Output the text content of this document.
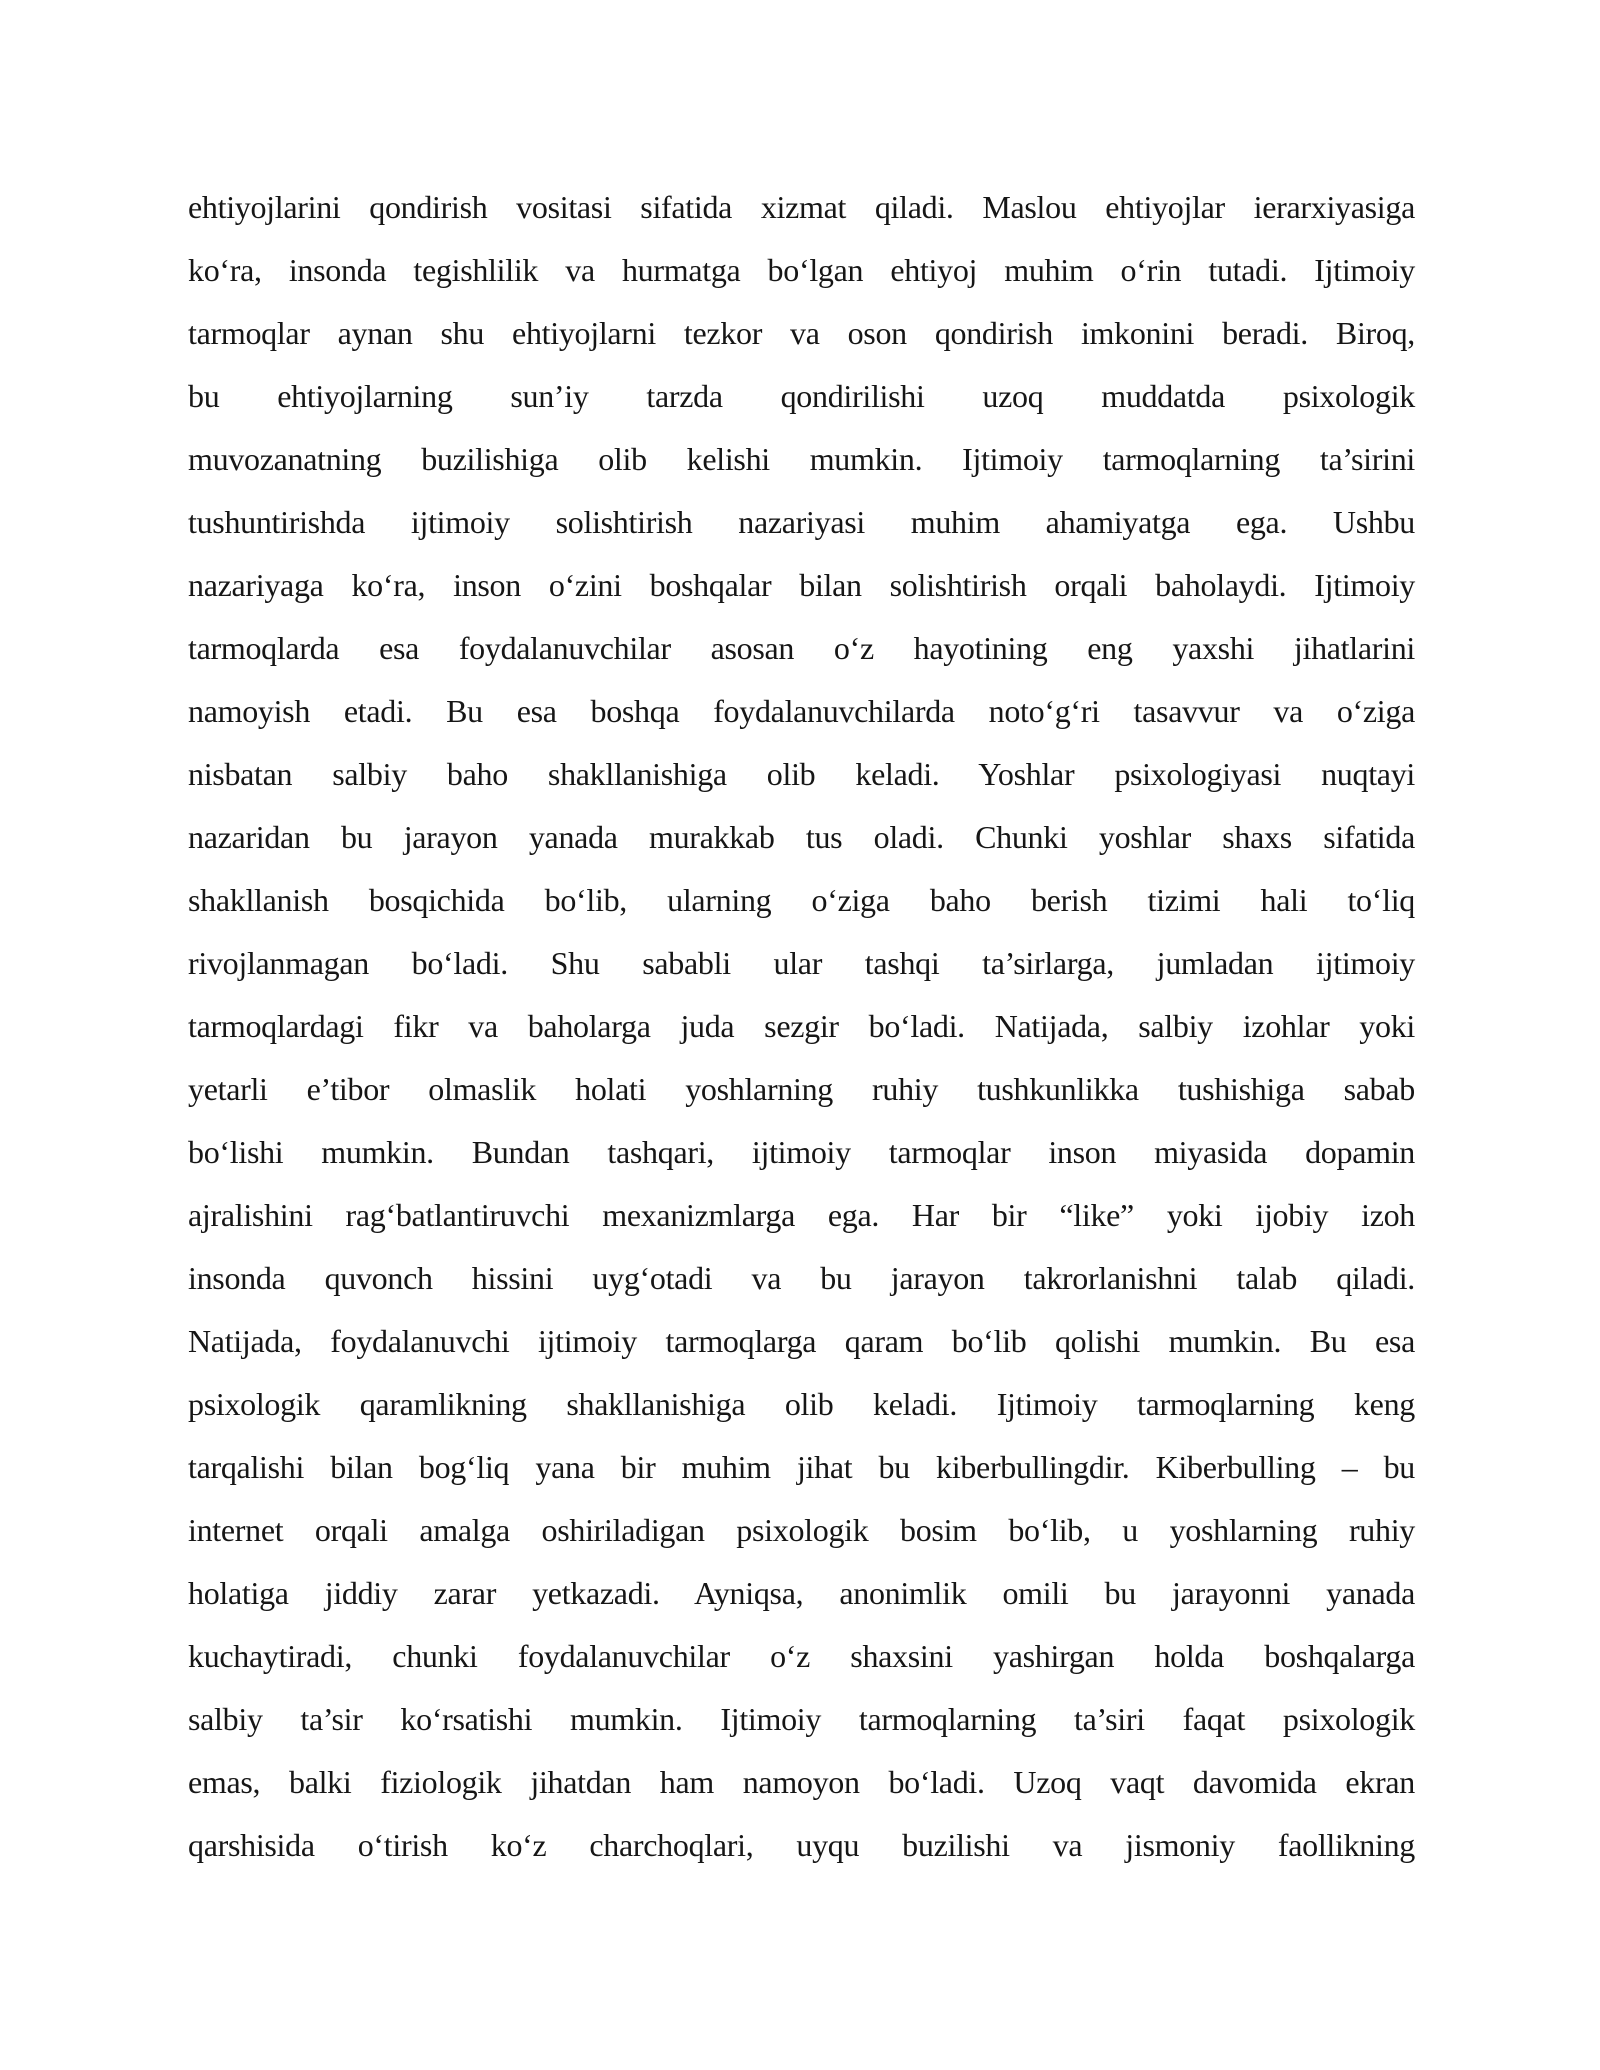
ehtiyojlarini qondirish vositasi sifatida xizmat qiladi. Maslou ehtiyojlar ierarxiyasiga
koʻra, insonda tegishlilik va hurmatga boʻlgan ehtiyoj muhim oʻrin tutadi. Ijtimoiy
tarmoqlar aynan shu ehtiyojlarni tezkor va oson qondirish imkonini beradi. Biroq,
bu ehtiyojlarning sun’iy tarzda qondirilishi uzoq muddatda psixologik
muvozanatning buzilishiga olib kelishi mumkin. Ijtimoiy tarmoqlarning ta’sirini
tushuntirishda ijtimoiy solishtirish nazariyasi muhim ahamiyatga ega. Ushbu
nazariyaga koʻra, inson oʻzini boshqalar bilan solishtirish orqali baholaydi. Ijtimoiy
tarmoqlarda esa foydalanuvchilar asosan oʻz hayotining eng yaxshi jihatlarini
namoyish etadi. Bu esa boshqa foydalanuvchilarda notoʻgʻri tasavvur va oʻziga
nisbatan salbiy baho shakllanishiga olib keladi. Yoshlar psixologiyasi nuqtayi
nazaridan bu jarayon yanada murakkab tus oladi. Chunki yoshlar shaxs sifatida
shakllanish bosqichida boʻlib, ularning oʻziga baho berish tizimi hali toʻliq
rivojlanmagan boʻladi. Shu sababli ular tashqi ta’sirlarga, jumladan ijtimoiy
tarmoqlardagi fikr va baholarga juda sezgir boʻladi. Natijada, salbiy izohlar yoki
yetarli e’tibor olmaslik holati yoshlarning ruhiy tushkunlikka tushishiga sabab
boʻlishi mumkin. Bundan tashqari, ijtimoiy tarmoqlar inson miyasida dopamin
ajralishini ragʻbatlantiruvchi mexanizmlarga ega. Har bir “like” yoki ijobiy izoh
insonda quvonch hissini uygʻotadi va bu jarayon takrorlanishni talab qiladi.
Natijada, foydalanuvchi ijtimoiy tarmoqlarga qaram boʻlib qolishi mumkin. Bu esa
psixologik qaramlikning shakllanishiga olib keladi. Ijtimoiy tarmoqlarning keng
tarqalishi bilan bogʻliq yana bir muhim jihat bu kiberbullingdir. Kiberbulling – bu
internet orqali amalga oshiriladigan psixologik bosim boʻlib, u yoshlarning ruhiy
holatiga jiddiy zarar yetkazadi. Ayniqsa, anonimlik omili bu jarayonni yanada
kuchaytiradi, chunki foydalanuvchilar oʻz shaxsini yashirgan holda boshqalarga
salbiy ta’sir koʻrsatishi mumkin. Ijtimoiy tarmoqlarning ta’siri faqat psixologik
emas, balki fiziologik jihatdan ham namoyon boʻladi. Uzoq vaqt davomida ekran
qarshisida oʻtirish koʻz charchoqlari, uyqu buzilishi va jismoniy faollikning
